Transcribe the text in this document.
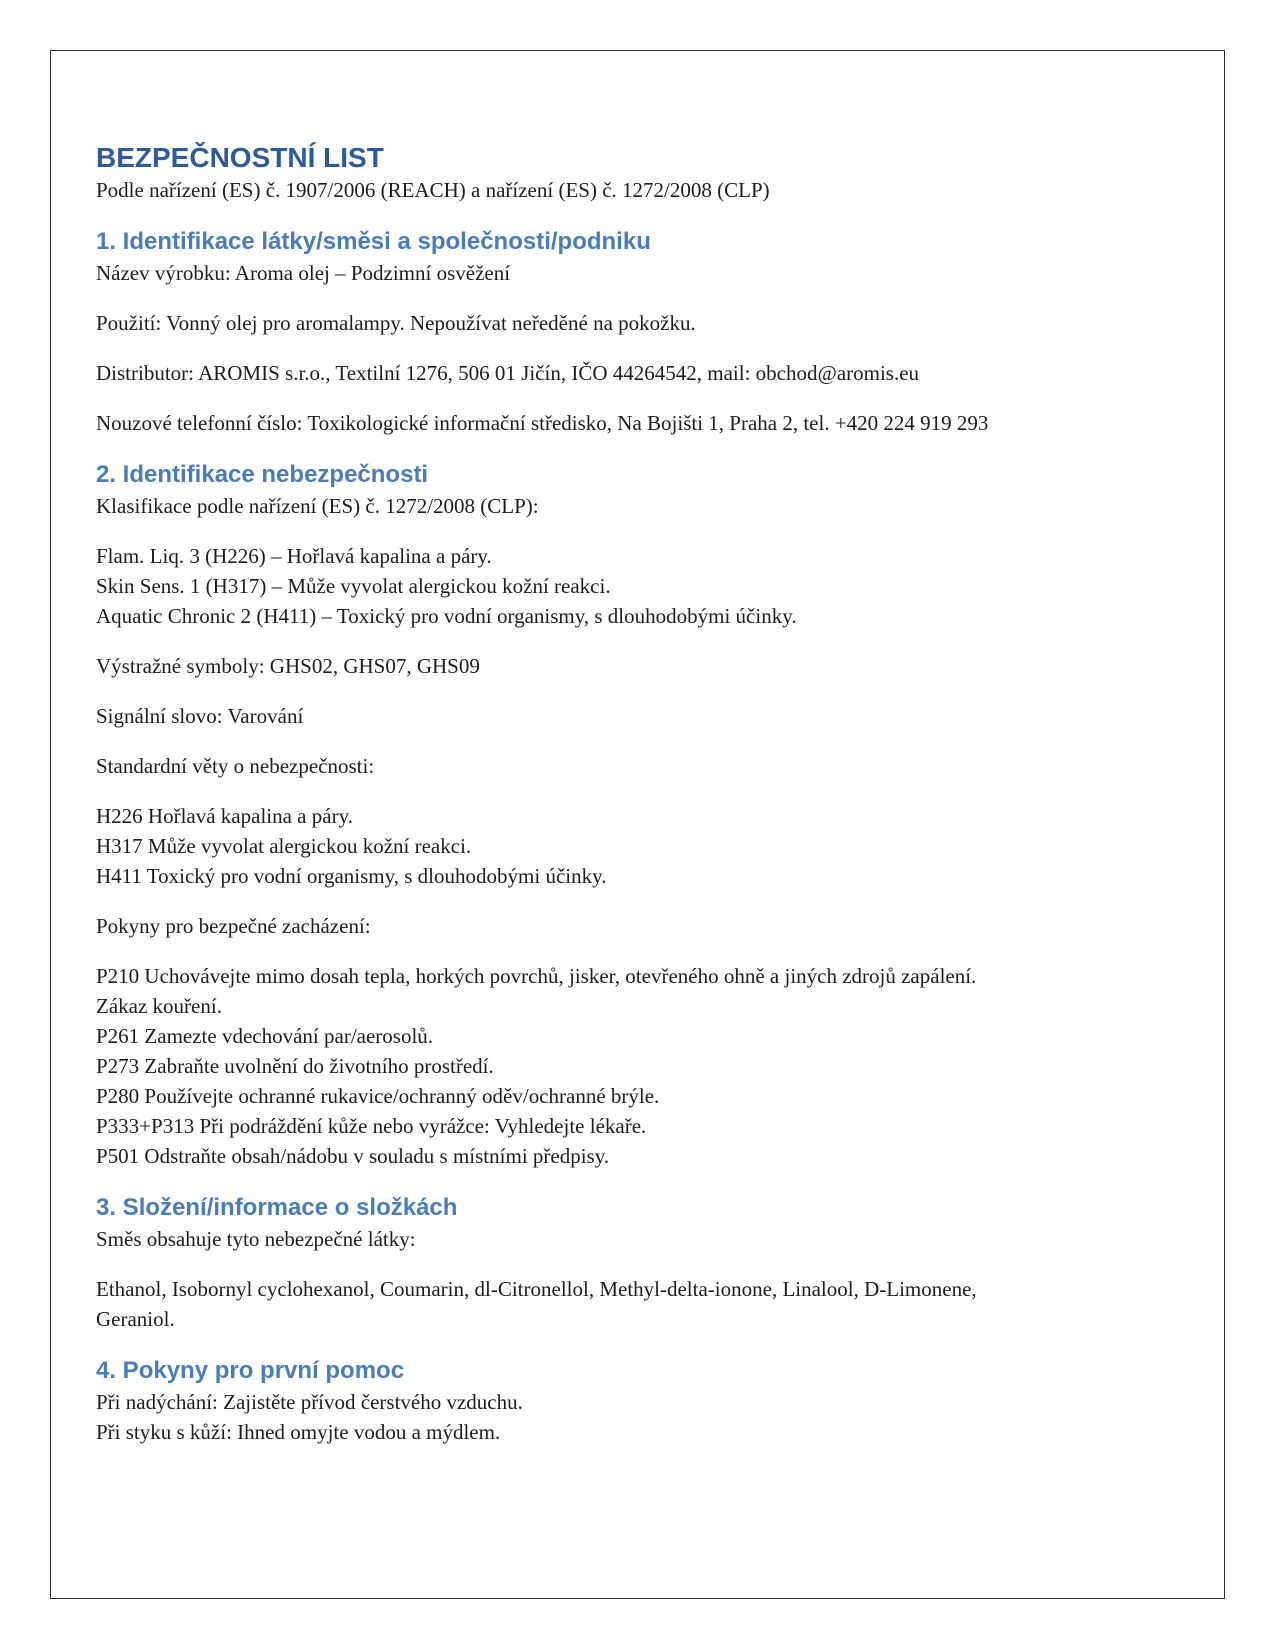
BEZPEČNOSTNÍ LIST

Podle nařízení (ES) č. 1907/2006 (REACH) a nařízení (ES) č. 1272/2008 (CLP)

1. Identifikace látky/směsi a společnosti/podniku
Název výrobku: Aroma olej – Podzimní osvěžení
Použití: Vonný olej pro aromalampy. Nepoužívat neředěné na pokožku.
Distributor: AROMIS s.r.o., Textilní 1276, 506 01 Jičín, IČO 44264542, mail: obchod@aromis.eu
Nouzové telefonní číslo: Toxikologické informační středisko, Na Bojišti 1, Praha 2, tel. +420 224 919 293
2. Identifikace nebezpečnosti
Klasifikace podle nařízení (ES) č. 1272/2008 (CLP):
Flam. Liq. 3 (H226) – Hořlavá kapalina a páry.
Skin Sens. 1 (H317) – Může vyvolat alergickou kožní reakci.
Aquatic Chronic 2 (H411) – Toxický pro vodní organismy, s dlouhodobými účinky.
Výstražné symboly: GHS02, GHS07, GHS09
Signální slovo: Varování
Standardní věty o nebezpečnosti:
H226 Hořlavá kapalina a páry.
H317 Může vyvolat alergickou kožní reakci.
H411 Toxický pro vodní organismy, s dlouhodobými účinky.
Pokyny pro bezpečné zacházení:
P210 Uchovávejte mimo dosah tepla, horkých povrchů, jisker, otevřeného ohně a jiných zdrojů zapálení.
Zákaz kouření.
P261 Zamezte vdechování par/aerosolů.
P273 Zabraňte uvolnění do životního prostředí.
P280 Používejte ochranné rukavice/ochranný oděv/ochranné brýle.
P333+P313 Při podráždění kůže nebo vyrážce: Vyhledejte lékaře.
P501 Odstraňte obsah/nádobu v souladu s místními předpisy.
3. Složení/informace o složkách
Směs obsahuje tyto nebezpečné látky:
Ethanol, Isobornyl cyclohexanol, Coumarin, dl-Citronellol, Methyl-delta-ionone, Linalool, D-Limonene,
Geraniol.
4. Pokyny pro první pomoc
Při nadýchání: Zajistěte přívod čerstvého vzduchu.
Při styku s kůží: Ihned omyjte vodou a mýdlem.
